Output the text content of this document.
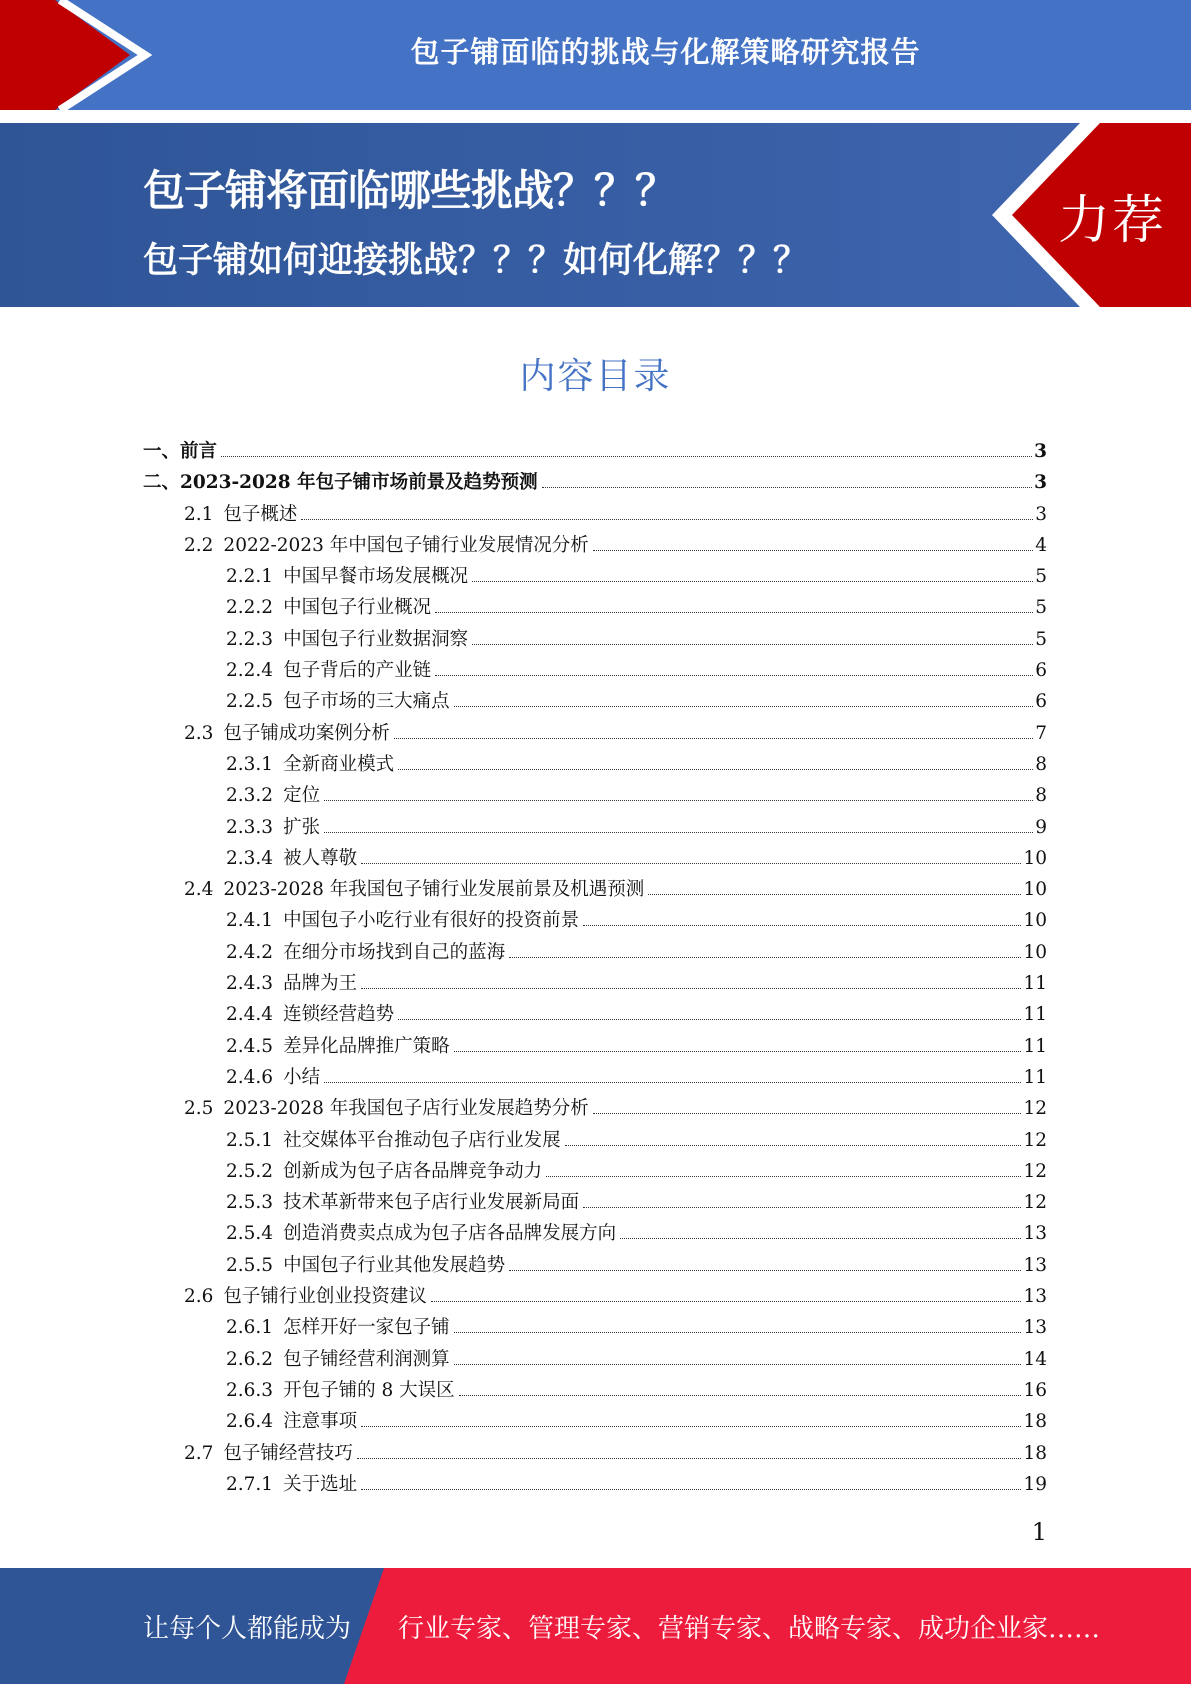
包子铺面临的挑战与化解策略研究报告
包子铺将面临哪些挑战？？？
包子铺如何迎接挑战？？？如何化解？？？
力荐
内容目录
一、 前言	3
二、 2023-2028 年包子铺市场前景及趋势预测	3
2.1 包子概述	3
2.2 2022-2023 年中国包子铺行业发展情况分析	4
2.2.1 中国早餐市场发展概况	5
2.2.2 中国包子行业概况	5
2.2.3 中国包子行业数据洞察	5
2.2.4 包子背后的产业链	6
2.2.5 包子市场的三大痛点	6
2.3 包子铺成功案例分析	7
2.3.1 全新商业模式	8
2.3.2 定位	8
2.3.3 扩张	9
2.3.4 被人尊敬	10
2.4 2023-2028 年我国包子铺行业发展前景及机遇预测	10
2.4.1 中国包子小吃行业有很好的投资前景	10
2.4.2 在细分市场找到自己的蓝海	10
2.4.3 品牌为王	11
2.4.4 连锁经营趋势	11
2.4.5 差异化品牌推广策略	11
2.4.6 小结	11
2.5 2023-2028 年我国包子店行业发展趋势分析	12
2.5.1 社交媒体平台推动包子店行业发展	12
2.5.2 创新成为包子店各品牌竞争动力	12
2.5.3 技术革新带来包子店行业发展新局面	12
2.5.4 创造消费卖点成为包子店各品牌发展方向	13
2.5.5 中国包子行业其他发展趋势	13
2.6 包子铺行业创业投资建议	13
2.6.1 怎样开好一家包子铺	13
2.6.2 包子铺经营利润测算	14
2.6.3 开包子铺的 8 大误区	16
2.6.4 注意事项	18
2.7 包子铺经营技巧	18
2.7.1 关于选址	19
1
让每个人都能成为 行业专家、管理专家、营销专家、战略专家、成功企业家……
